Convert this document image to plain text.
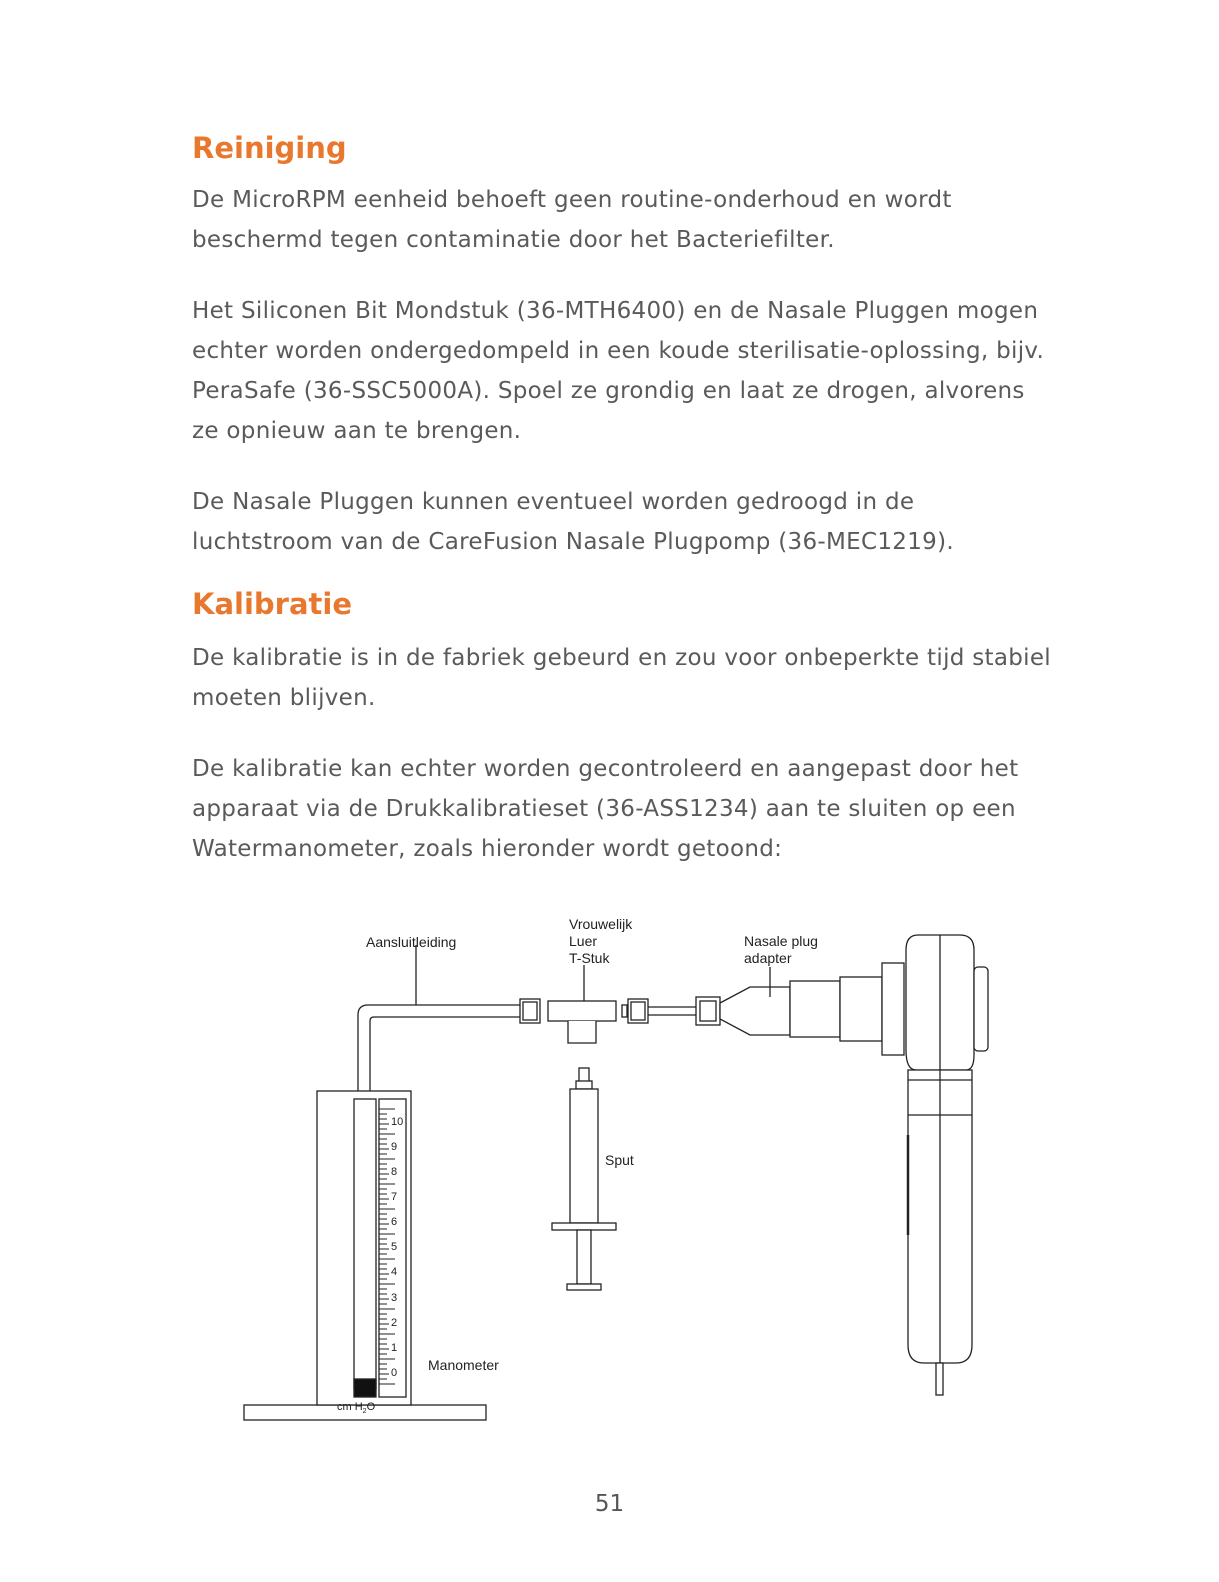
Reiniging

De MicroRPM eenheid behoeft geen routine-onderhoud en wordt beschermd tegen contaminatie door het Bacteriefilter.

Het Siliconen Bit Mondstuk (36-MTH6400) en de Nasale Pluggen mogen echter worden ondergedompeld in een koude sterilisatie-oplossing, bijv. PeraSafe (36-SSC5000A). Spoel ze grondig en laat ze drogen, alvorens ze opnieuw aan te brengen.

De Nasale Pluggen kunnen eventueel worden gedroogd in de luchtstroom van de CareFusion Nasale Plugpomp (36-MEC1219).

Kalibratie

De kalibratie is in de fabriek gebeurd en zou voor onbeperkte tijd stabiel moeten blijven.

De kalibratie kan echter worden gecontroleerd en aangepast door het apparaat via de Drukkalibratieset (36-ASS1234) aan te sluiten op een Watermanometer, zoals hieronder wordt getoond:

10
9
8
7
6
5
4
3
2
1
0
Aansluitleiding
Vrouwelijk
Luer
T-Stuk
Nasale plug
adapter
Sput
Manometer
cm $H_2O$
51
